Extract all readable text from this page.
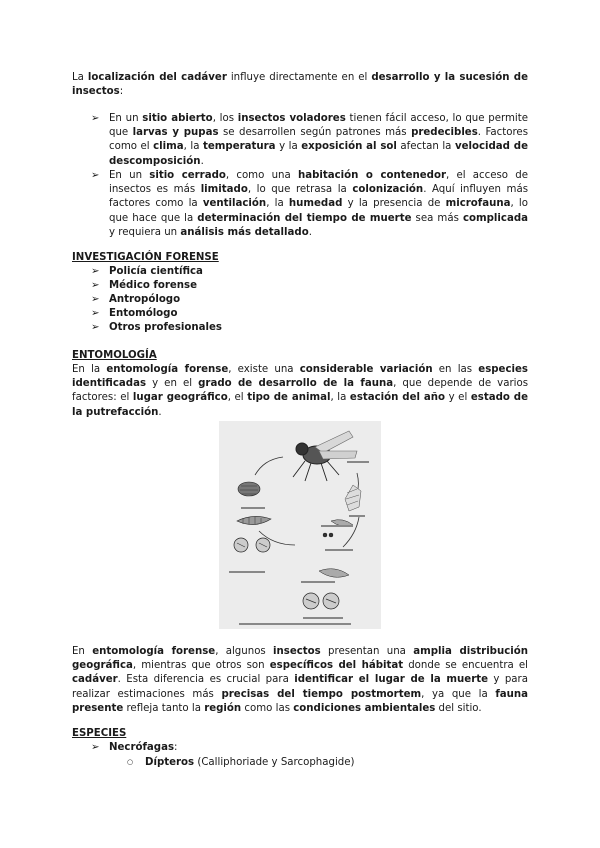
La localización del cadáver influye directamente en el desarrollo y la sucesión de insectos:

➢ En un sitio abierto, los insectos voladores tienen fácil acceso, lo que permite que larvas y pupas se desarrollen según patrones más predecibles. Factores como el clima, la temperatura y la exposición al sol afectan la velocidad de descomposición.
➢ En un sitio cerrado, como una habitación o contenedor, el acceso de insectos es más limitado, lo que retrasa la colonización. Aquí influyen más factores como la ventilación, la humedad y la presencia de microfauna, lo que hace que la determinación del tiempo de muerte sea más complicada y requiera un análisis más detallado.
INVESTIGACIÓN FORENSE
➢ Policía científica
➢ Médico forense
➢ Antropólogo
➢ Entomólogo
➢ Otros profesionales
ENTOMOLOGÍA

En la entomología forense, existe una considerable variación en las especies identificadas y en el grado de desarrollo de la fauna, que depende de varios factores: el lugar geográfico, el tipo de animal, la estación del año y el estado de la putrefacción.

En entomología forense, algunos insectos presentan una amplia distribución geográfica, mientras que otros son específicos del hábitat donde se encuentra el cadáver. Esta diferencia es crucial para identificar el lugar de la muerte y para realizar estimaciones más precisas del tiempo postmortem, ya que la fauna presente refleja tanto la región como las condiciones ambientales del sitio.

ESPECIES
➢ Necrófagas:
○ Dípteros (Calliphoriade y Sarcophagide)
